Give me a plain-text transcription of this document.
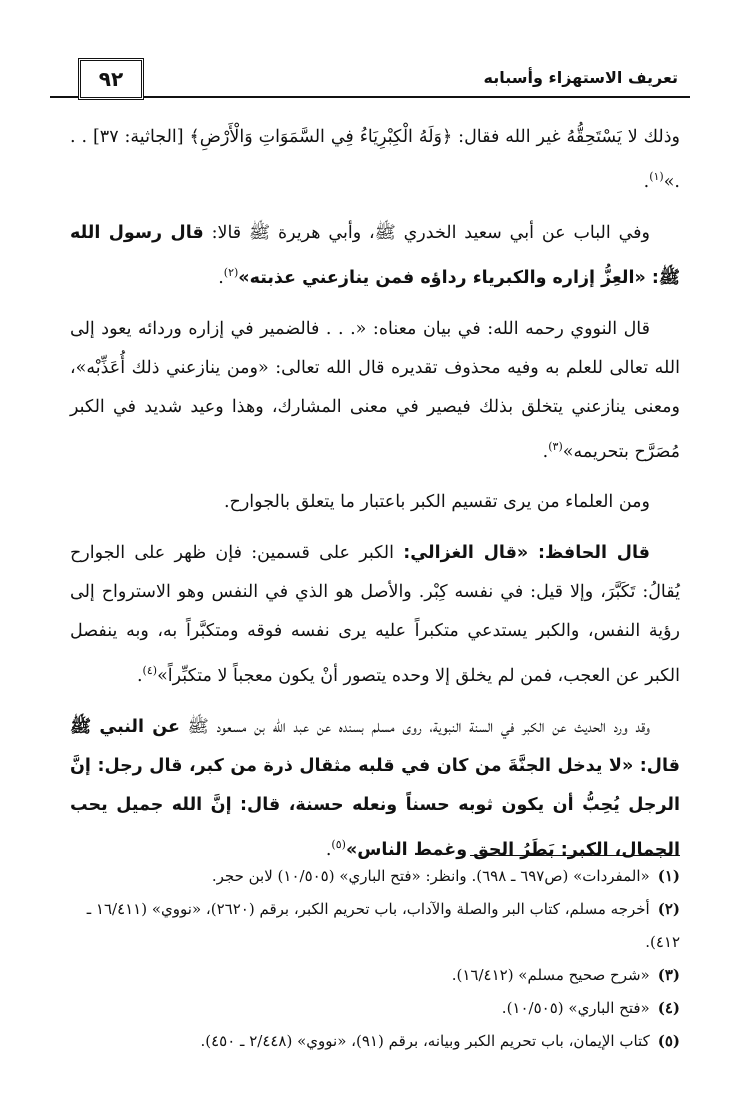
تعريف الاستهزاء وأسبابه
٩٢

وذلك لا يَسْتَحِقُّهُ غير الله فقال: ﴿وَلَهُ الْكِبْرِيَاءُ فِي السَّمَوَاتِ وَالْأَرْضِ﴾ [الجاثية: ٣٧] . . .»$^{(١)}$.

وفي الباب عن أبي سعيد الخدري ﷺ، وأبي هريرة ﷺ قالا: قال رسول الله ﷺ: «العِزُّ إزاره والكبرياء رداؤه فمن ينازعني عذبته»$^{(٢)}$.

قال النووي رحمه الله: في بيان معناه: «. . . فالضمير في إزاره وردائه يعود إلى الله تعالى للعلم به وفيه محذوف تقديره قال الله تعالى: «ومن ينازعني ذلك أُعَذِّبْه»، ومعنى ينازعني يتخلق بذلك فيصير في معنى المشارك، وهذا وعيد شديد في الكبر مُصَرَّح بتحريمه»$^{(٣)}$.

ومن العلماء من يرى تقسيم الكبر باعتبار ما يتعلق بالجوارح.

قال الحافظ: «قال الغزالي: الكبر على قسمين: فإن ظهر على الجوارح يُقالُ: تَكَبَّرَ، وإلا قيل: في نفسه كِبْر. والأصل هو الذي في النفس وهو الاسترواح إلى رؤية النفس، والكبر يستدعي متكبراً عليه يرى نفسه فوقه ومتكبَّراً به، وبه ينفصل الكبر عن العجب، فمن لم يخلق إلا وحده يتصور أنْ يكون معجباً لا متكبِّراً»$^{(٤)}$.

وقد ورد الحديث عن الكبر في السنة النبوية، روى مسلم بسنده عن عبد الله بن مسعود ﷺ عن النبي ﷺ قال: «لا يدخل الجنَّةَ من كان في قلبه مثقال ذرة من كبر، قال رجل: إنَّ الرجل يُحِبُّ أن يكون ثوبه حسناً ونعله حسنة، قال: إنَّ الله جميل يحب الجمال، الكبر: بَطَرُ الحق وغمط الناس»$^{(٥)}$.

(١)«المفردات» (ص٦٩٧ ـ ٦٩٨). وانظر: «فتح الباري» (١٠/٥٠٥) لابن حجر.

(٢)أخرجه مسلم، كتاب البر والصلة والآداب، باب تحريم الكبر، برقم (٢٦٢٠)، «نووي» (١٦/٤١١ ـ ٤١٢).

(٣)«شرح صحيح مسلم» (١٦/٤١٢).

(٤)«فتح الباري» (١٠/٥٠٥).

(٥)كتاب الإيمان، باب تحريم الكبر وبيانه، برقم (٩١)، «نووي» (٢/٤٤٨ ـ ٤٥٠).
